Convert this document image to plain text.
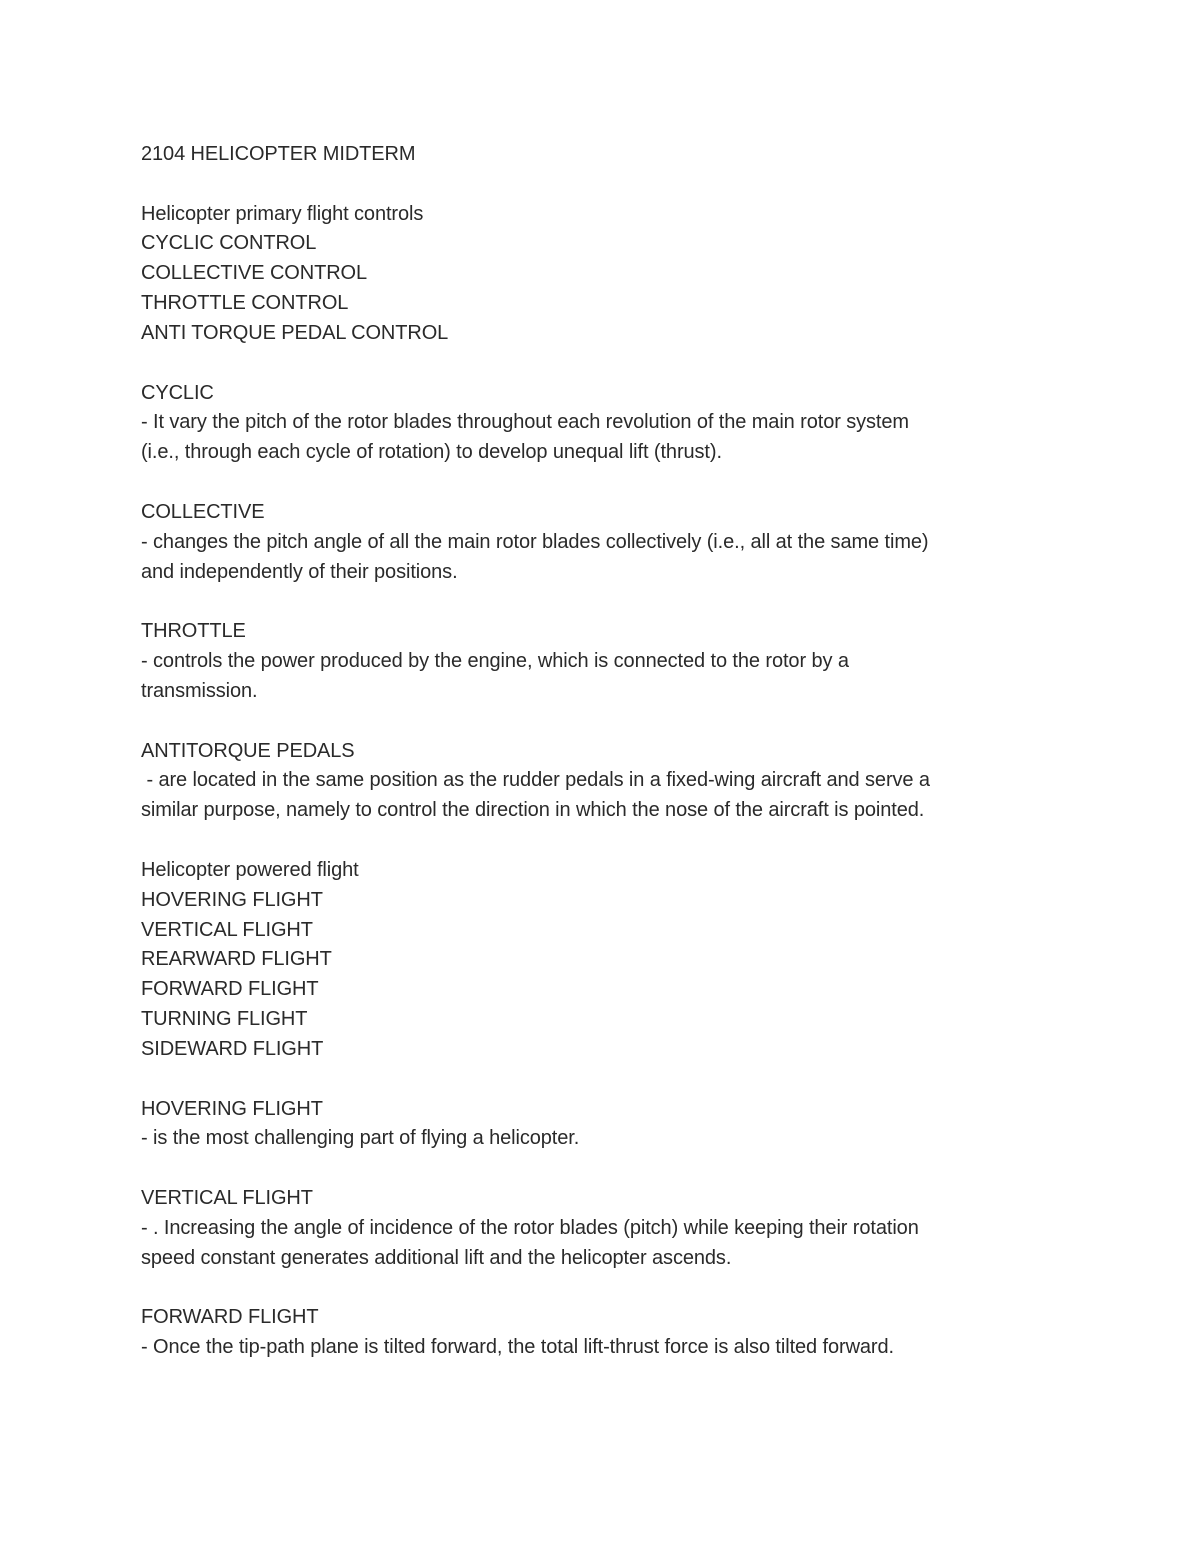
2104 HELICOPTER MIDTERM
Helicopter primary flight controls
CYCLIC CONTROL
COLLECTIVE CONTROL
THROTTLE CONTROL
ANTI TORQUE PEDAL CONTROL
CYCLIC
- It vary the pitch of the rotor blades throughout each revolution of the main rotor system
(i.e., through each cycle of rotation) to develop unequal lift (thrust).
COLLECTIVE
- changes the pitch angle of all the main rotor blades collectively (i.e., all at the same time)
and independently of their positions.
THROTTLE
- controls the power produced by the engine, which is connected to the rotor by a
transmission.
ANTITORQUE PEDALS
- are located in the same position as the rudder pedals in a fixed-wing aircraft and serve a
similar purpose, namely to control the direction in which the nose of the aircraft is pointed.
Helicopter powered flight
HOVERING FLIGHT
VERTICAL FLIGHT
REARWARD FLIGHT
FORWARD FLIGHT
TURNING FLIGHT
SIDEWARD FLIGHT
HOVERING FLIGHT
- is the most challenging part of flying a helicopter.
VERTICAL FLIGHT
- . Increasing the angle of incidence of the rotor blades (pitch) while keeping their rotation
speed constant generates additional lift and the helicopter ascends.
FORWARD FLIGHT
- Once the tip-path plane is tilted forward, the total lift-thrust force is also tilted forward.
